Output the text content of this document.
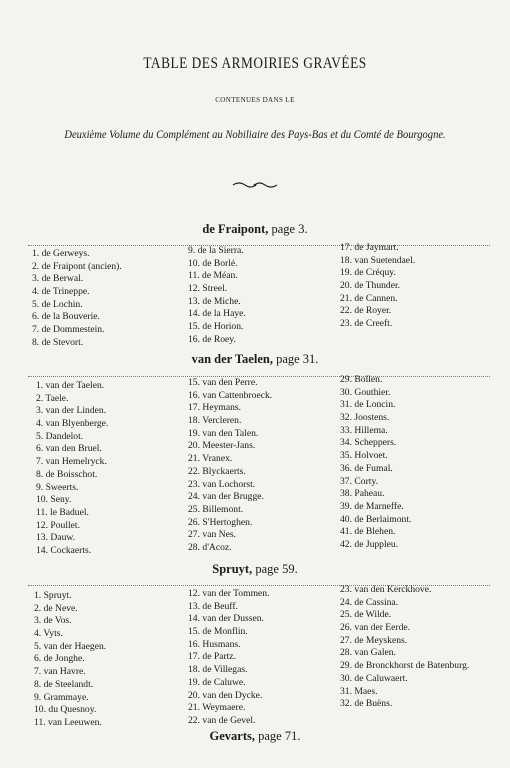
TABLE DES ARMOIRIES GRAVÉES
CONTENUES DANS LE
Deuxième Volume du Complément au Nobiliaire des Pays-Bas et du Comté de Bourgogne.
de Fraipont, page 3.
1. de Gerweys.
2. de Fraipont (ancien).
3. de Berwal.
4. de Trineppe.
5. de Lochin.
6. de la Bouverie.
7. de Dommestein.
8. de Stevort.
9. de la Sierra.
10. de Borlé.
11. de Méan.
12. Streel.
13. de Miche.
14. de la Haye.
15. de Horion.
16. de Roey.
17. de Jaymart.
18. van Suetendael.
19. de Créquy.
20. de Thunder.
21. de Cannen.
22. de Royer.
23. de Creeft.
van der Taelen, page 31.
1. van der Taelen.
2. Taele.
3. van der Linden.
4. van Blyenberge.
5. Dandelot.
6. van den Bruel.
7. van Hemelryck.
8. de Boisschot.
9. Sweerts.
10. Seny.
11. le Baduel.
12. Poullet.
13. Dauw.
14. Cockaerts.
15. van den Perre.
16. van Cattenbroeck.
17. Heymans.
18. Vercleren.
19. van den Talen.
20. Meester-Jans.
21. Vranex.
22. Blyckaerts.
23. van Lochorst.
24. van der Brugge.
25. Billemont.
26. S'Hertoghen.
27. van Nes.
28. d'Acoz.
29. Bollen.
30. Gouthier.
31. de Loncin.
32. Joostens.
33. Hillema.
34. Scheppers.
35. Holvoet.
36. de Fumal.
37. Corty.
38. Paheau.
39. de Marneffe.
40. de Berlaimont.
41. de Blehen.
42. de Juppleu.
Spruyt, page 59.
1. Spruyt.
2. de Neve.
3. de Vos.
4. Vyts.
5. van der Haegen.
6. de Jonghe.
7. van Havre.
8. de Steelandt.
9. Grammaye.
10. du Quesnoy.
11. van Leeuwen.
12. van der Tommen.
13. de Beuff.
14. van der Dussen.
15. de Monflin.
16. Husmans.
17. de Partz.
18. de Villegas.
19. de Caluwe.
20. van den Dycke.
21. Weymaere.
22. van de Gevel.
23. van den Kerckhove.
24. de Cassina.
25. de Wilde.
26. van der Eerde.
27. de Meyskens.
28. van Galen.
29. de Bronckhorst de Batenburg.
30. de Caluwaert.
31. Maes.
32. de Buëns.
Gevarts, page 71.
